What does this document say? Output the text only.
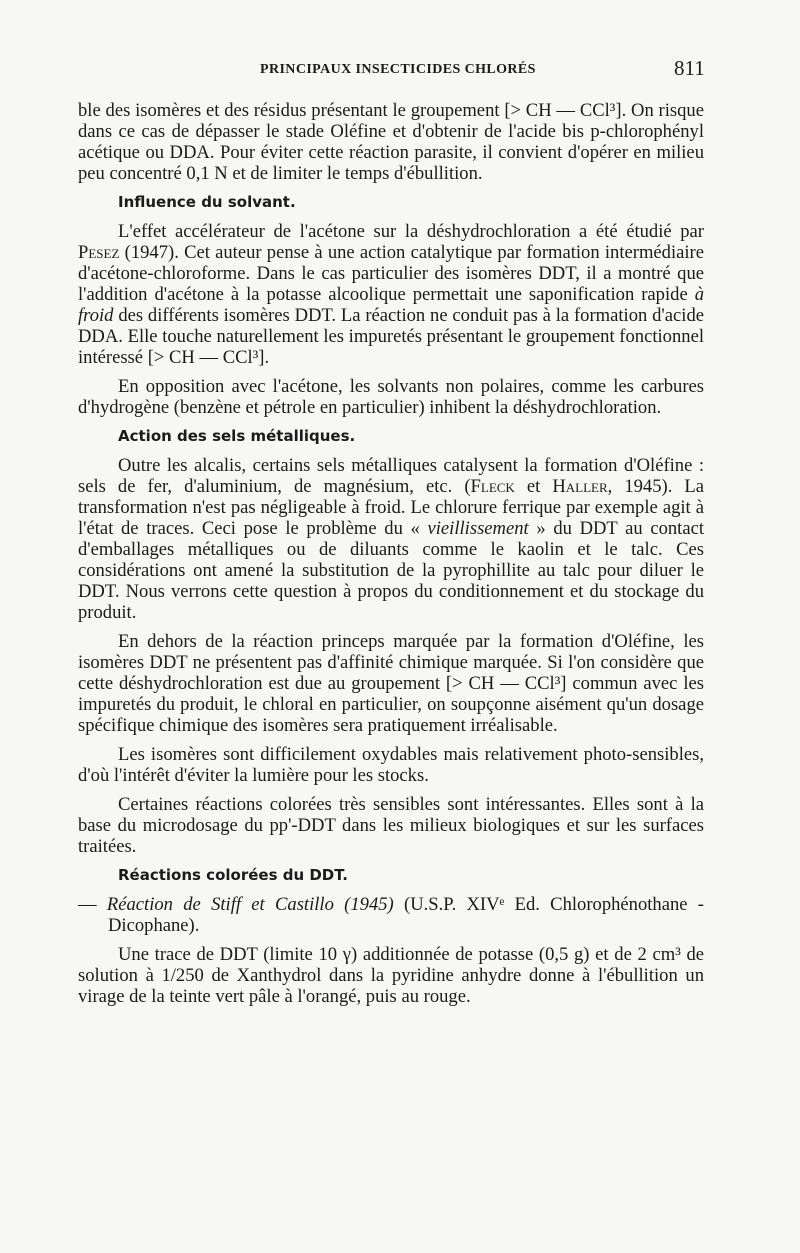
PRINCIPAUX INSECTICIDES CHLORÉS	811

ble des isomères et des résidus présentant le groupement [> CH — CCl³]. On risque dans ce cas de dépasser le stade Oléfine et d'obtenir de l'acide bis p-chlorophényl acétique ou DDA. Pour éviter cette réaction parasite, il convient d'opérer en milieu peu concentré 0,1 N et de limiter le temps d'ébullition.

Influence du solvant.

L'effet accélérateur de l'acétone sur la déshydrochloration a été étudié par Pesez (1947). Cet auteur pense à une action catalytique par formation intermédiaire d'acétone-chloroforme. Dans le cas particulier des isomères DDT, il a montré que l'addition d'acétone à la potasse alcoolique permettait une saponification rapide à froid des différents isomères DDT. La réaction ne conduit pas à la formation d'acide DDA. Elle touche naturellement les impuretés présentant le groupement fonctionnel intéressé [> CH — CCl³].

En opposition avec l'acétone, les solvants non polaires, comme les carbures d'hydrogène (benzène et pétrole en particulier) inhibent la déshydrochloration.

Action des sels métalliques.

Outre les alcalis, certains sels métalliques catalysent la formation d'Oléfine : sels de fer, d'aluminium, de magnésium, etc. (Fleck et Haller, 1945). La transformation n'est pas négligeable à froid. Le chlorure ferrique par exemple agit à l'état de traces. Ceci pose le problème du « vieillissement » du DDT au contact d'emballages métalliques ou de diluants comme le kaolin et le talc. Ces considérations ont amené la substitution de la pyrophillite au talc pour diluer le DDT. Nous verrons cette question à propos du conditionnement et du stockage du produit.

En dehors de la réaction princeps marquée par la formation d'Oléfine, les isomères DDT ne présentent pas d'affinité chimique marquée. Si l'on considère que cette déshydrochloration est due au groupement [> CH — CCl³] commun avec les impuretés du produit, le chloral en particulier, on soupçonne aisément qu'un dosage spécifique chimique des isomères sera pratiquement irréalisable.

Les isomères sont difficilement oxydables mais relativement photo-sensibles, d'où l'intérêt d'éviter la lumière pour les stocks.

Certaines réactions colorées très sensibles sont intéressantes. Elles sont à la base du microdosage du pp'-DDT dans les milieux biologiques et sur les surfaces traitées.

Réactions colorées du DDT.

— Réaction de Stiff et Castillo (1945) (U.S.P. XIVᵉ Ed. Chlorophénothane - Dicophane).

Une trace de DDT (limite 10 γ) additionnée de potasse (0,5 g) et de 2 cm³ de solution à 1/250 de Xanthydrol dans la pyridine anhydre donne à l'ébullition un virage de la teinte vert pâle à l'orangé, puis au rouge.
